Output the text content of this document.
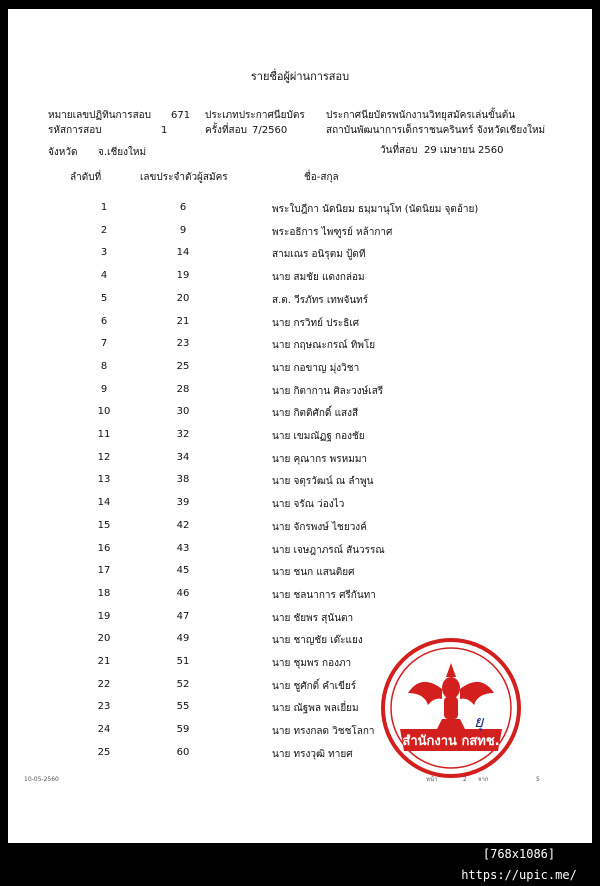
รายชื่อผู้ผ่านการสอบ
หมายเลขปฏิทินการสอบ 671 ประเภทประกาศนียบัตร ประกาศนียบัตรพนักงานวิทยุสมัครเล่นขั้นต้น
รหัสการสอบ	1	ครั้งที่สอบ 7/2560	สถาบันพัฒนาการเด็กราชนครินทร์ จังหวัดเชียงใหม่
จังหวัด จ.เชียงใหม่	วันที่สอบ 29 เมษายน 2560
ลำดับที่	เลขประจำตัวผู้สมัคร	ชื่อ-สกุล
1	6	พระใบฎีกา นัดนิยม ธมฺมานุโท (นัดนิยม จุดอ้าย)
2	9	พระอธิการ ไพฑูรย์ หล้ากาศ
3	14	สามเณร อนิรุตม ปู้ดที
4	19	นาย สมชัย แดงกล่อม
5	20	ส.ต. วีรภัทร เทพจันทร์
6	21	นาย กรวิทย์ ประธิเศ
7	23	นาย กฤษณะกรณ์ ทิพโย
8	25	นาย กอขาญ มุ่งวิชา
9	28	นาย กิตากาน ศิละวงษ์เสรี
10	30	นาย กิตติศักดิ์ แสงสี
11	32	นาย เขมณัฏฐ กองชัย
12	34	นาย คุณากร พรหมมา
13	38	นาย จตุรวัฒน์ ณ ลำพูน
14	39	นาย จรัณ ว่องไว
15	42	นาย จักรพงษ์ ไชยวงค์
16	43	นาย เจษฎาภรณ์ สันวรรณ
17	45	นาย ชนก แสนติยศ
18	46	นาย ชลนาการ ศรีกันทา
19	47	นาย ชัยพร สุนันตา
20	49	นาย ชาญชัย เด๊ะแยง
21	51	นาย ชุมพร กองภา
22	52	นาย ชูศักดิ์ คำเขียร์
23	55	นาย ณัฐพล พลเยี่ยม
24	59	นาย ทรงกลด วิชชโลกา
25	60	นาย ทรงวุฒิ ทายศ
สำนักงาน กสทช.
ยุ
10-05-2560	หน้า	2 จาก	5
[768x1086] https://upic.me/
